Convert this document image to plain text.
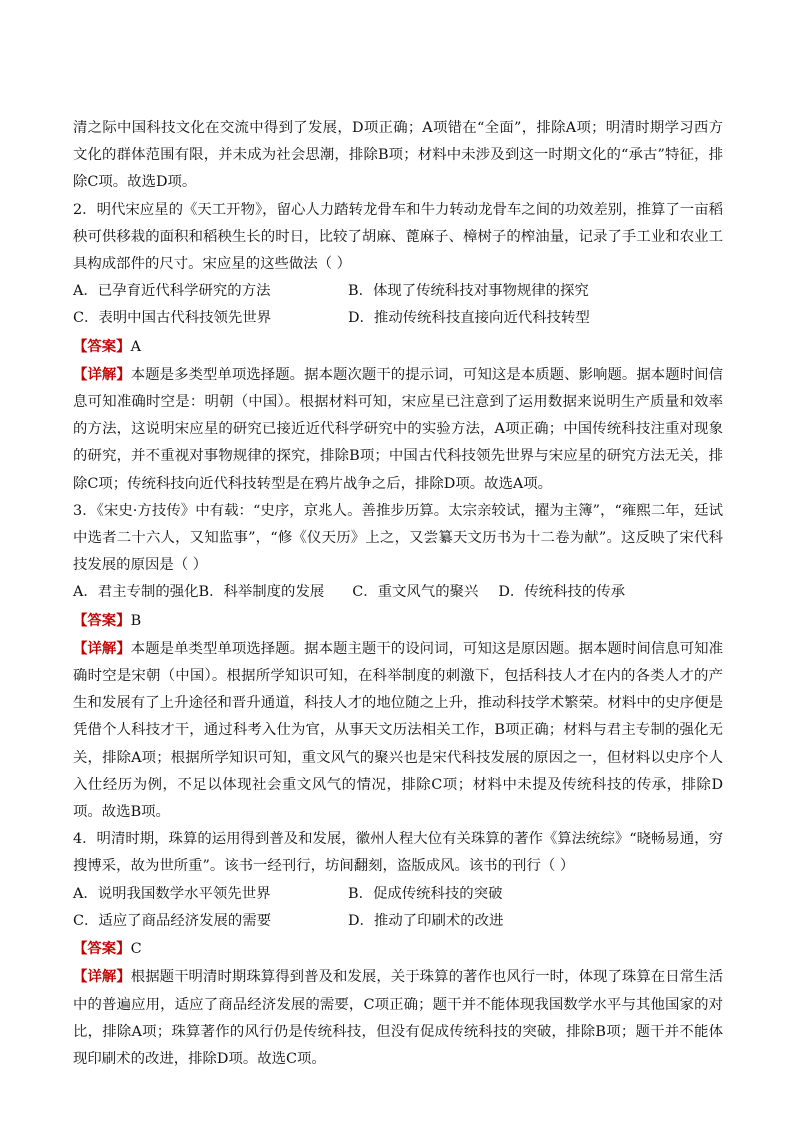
清之际中国科技文化在交流中得到了发展，D项正确；A项错在“全面”，排除A项；明清时期学习西方文化的群体范围有限，并未成为社会思潮，排除B项；材料中未涉及到这一时期文化的“承古”特征，排除C项。故选D项。

2．明代宋应星的《天工开物》，留心人力踏转龙骨车和牛力转动龙骨车之间的功效差别，推算了一亩稻秧可供移栽的面积和稻秧生长的时日，比较了胡麻、蓖麻子、樟树子的榨油量，记录了手工业和农业工具构成部件的尺寸。宋应星的这些做法（ ）

A．已孕育近代科学研究的方法	B．体现了传统科技对事物规律的探究
C．表明中国古代科技领先世界	D．推动传统科技直接向近代科技转型

【答案】A

【详解】本题是多类型单项选择题。据本题次题干的提示词，可知这是本质题、影响题。据本题时间信息可知准确时空是：明朝（中国）。根据材料可知，宋应星已注意到了运用数据来说明生产质量和效率的方法，这说明宋应星的研究已接近近代科学研究中的实验方法，A项正确；中国传统科技注重对现象的研究，并不重视对事物规律的探究，排除B项；中国古代科技领先世界与宋应星的研究方法无关，排除C项；传统科技向近代科技转型是在鸦片战争之后，排除D项。故选A项。

3．《宋史·方技传》中有载：“史序，京兆人。善推步历算。太宗亲较试，擢为主簿”，“雍熙二年，廷试中选者二十六人，又知监事”，“修《仪天历》上之，又尝纂天文历书为十二卷为献”。这反映了宋代科技发展的原因是（ ）

A．君主专制的强化 B．科举制度的发展 C．重文风气的聚兴 D．传统科技的传承

【答案】B

【详解】本题是单类型单项选择题。据本题主题干的设问词，可知这是原因题。据本题时间信息可知准确时空是宋朝（中国）。根据所学知识可知，在科举制度的刺激下，包括科技人才在内的各类人才的产生和发展有了上升途径和晋升通道，科技人才的地位随之上升，推动科技学术繁荣。材料中的史序便是凭借个人科技才干，通过科考入仕为官，从事天文历法相关工作，B项正确；材料与君主专制的强化无关，排除A项；根据所学知识可知，重文风气的聚兴也是宋代科技发展的原因之一，但材料以史序个人入仕经历为例，不足以体现社会重文风气的情况，排除C项；材料中未提及传统科技的传承，排除D项。故选B项。

4．明清时期，珠算的运用得到普及和发展，徽州人程大位有关珠算的著作《算法统综》“晓畅易通，穷搜博采，故为世所重”。该书一经刊行，坊间翻刻，盗版成风。该书的刊行（ ）

A．说明我国数学水平领先世界	B．促成传统科技的突破
C．适应了商品经济发展的需要	D．推动了印刷术的改进

【答案】C

【详解】根据题干明清时期珠算得到普及和发展，关于珠算的著作也风行一时，体现了珠算在日常生活中的普遍应用，适应了商品经济发展的需要，C项正确；题干并不能体现我国数学水平与其他国家的对比，排除A项；珠算著作的风行仍是传统科技，但没有促成传统科技的突破，排除B项；题干并不能体现印刷术的改进，排除D项。故选C项。
